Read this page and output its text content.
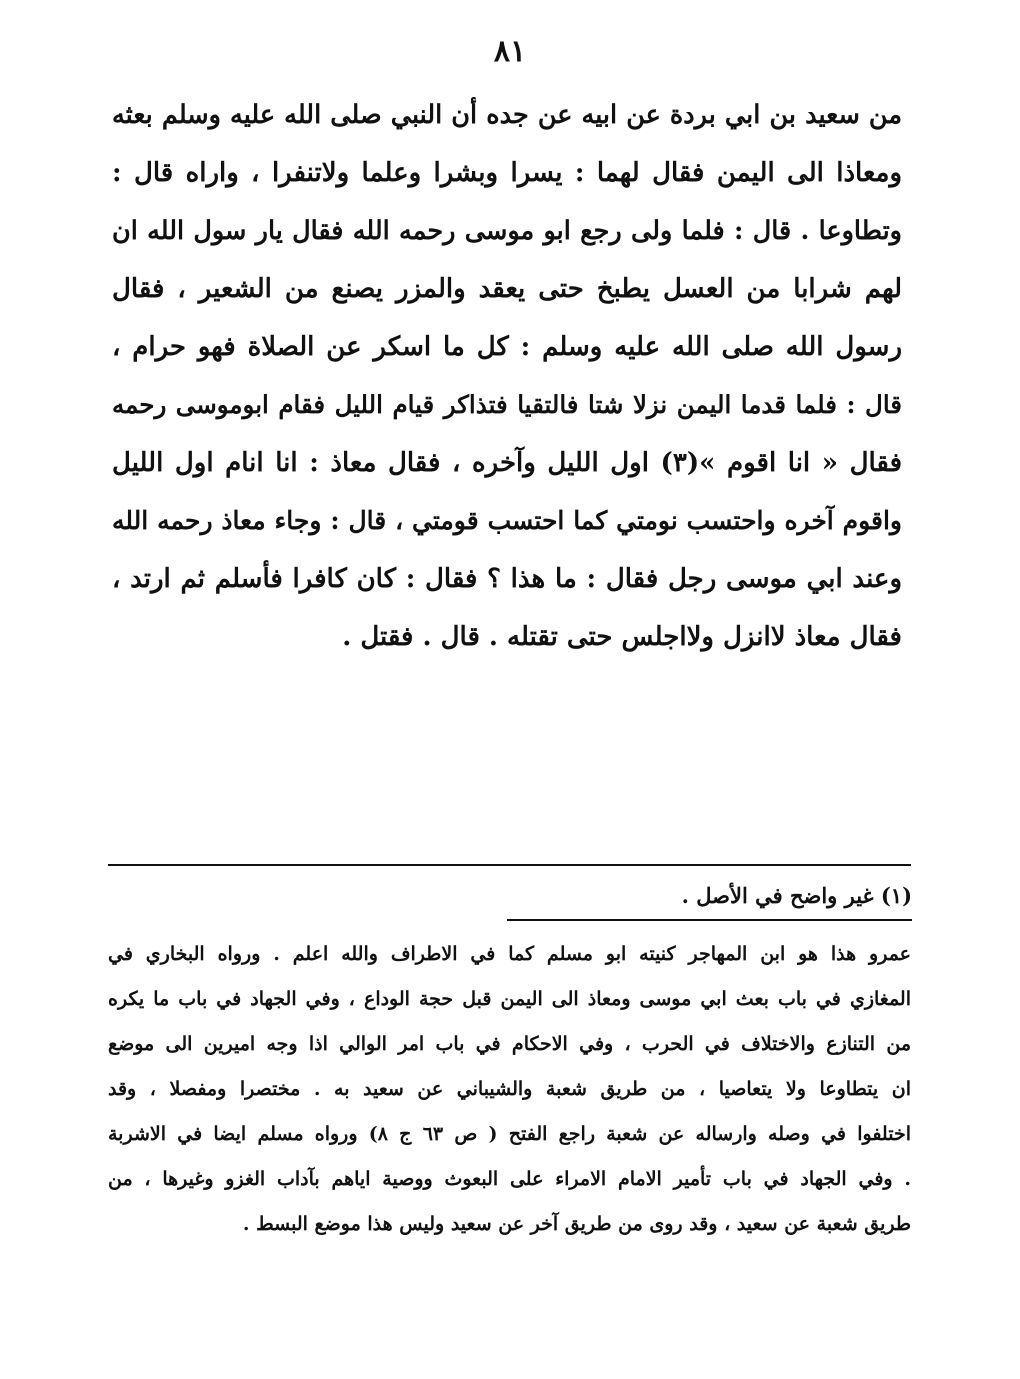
٨١
من سعيد بن ابي بردة عن ابيه عن جده أن النبي صلى الله عليه وسلم بعثه
ومعاذا الى اليمن فقال لهما : يسرا وبشرا وعلما ولاتنفرا ، واراه قال :
وتطاوعا . قال : فلما ولى رجع ابو موسى رحمه الله فقال يار سول الله ان
لهم شرابا من العسل يطبخ حتى يعقد والمزر يصنع من الشعير ، فقال
رسول الله صلى الله عليه وسلم : كل ما اسكر عن الصلاة فهو حرام ،
قال : فلما قدما اليمن نزلا شتا فالتقيا فتذاكر قيام الليل فقام ابوموسى رحمه
فقال « انا اقوم »(٣) اول الليل وآخره ، فقال معاذ : انا انام اول الليل
واقوم آخره واحتسب نومتي كما احتسب قومتي ، قال : وجاء معاذ رحمه الله
وعند ابي موسى رجل فقال : ما هذا ؟ فقال : كان كافرا فأسلم ثم ارتد ،
فقال معاذ لاانزل ولااجلس حتى تقتله . قال . فقتل .
(١) غير واضح في الأصل .
عمرو هذا هو ابن المهاجر كنيته ابو مسلم كما في الاطراف والله اعلم . ورواه البخاري في
المغازي في باب بعث ابي موسى ومعاذ الى اليمن قبل حجة الوداع ، وفي الجهاد في باب ما يكره
من التنازع والاختلاف في الحرب ، وفي الاحكام في باب امر الوالي اذا وجه اميرين الى موضع
ان يتطاوعا ولا يتعاصيا ، من طريق شعبة والشيباني عن سعيد به . مختصرا ومفصلا ، وقد
اختلفوا في وصله وارساله عن شعبة راجع الفتح ( ص ٦٣ ج ٨) ورواه مسلم ايضا في الاشربة
. وفي الجهاد في باب تأمير الامام الامراء على البعوث ووصية اياهم بآداب الغزو وغيرها ، من
طريق شعبة عن سعيد ، وقد روى من طريق آخر عن سعيد وليس هذا موضع البسط .
